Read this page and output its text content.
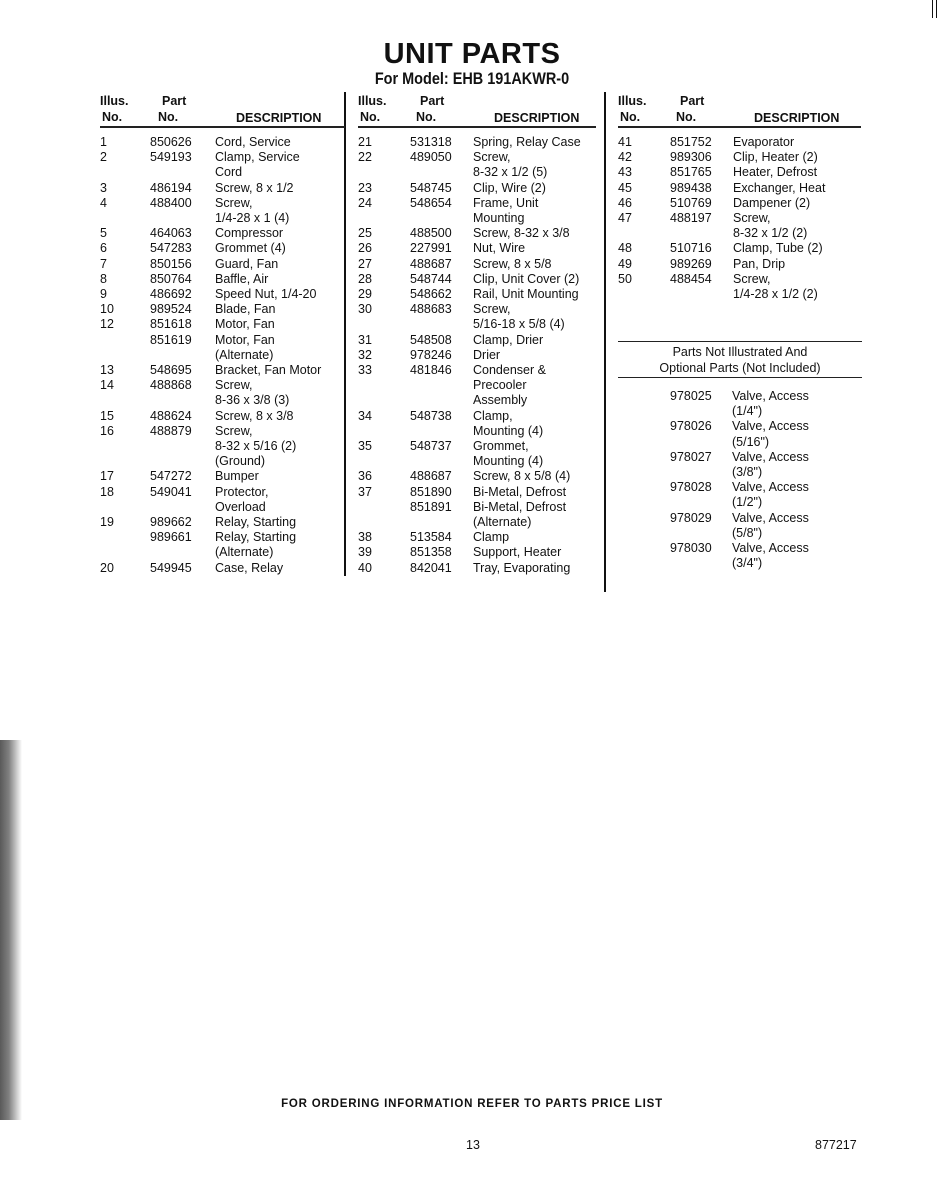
UNIT PARTS
For Model: EHB 191AKWR-0
Illus.
No.
Part
No.	DESCRIPTION
1	850626 Cord, Service
2	549193 Clamp, Service
Cord
3	486194 Screw, 8 x 1/2
4	488400 Screw,
1/4-28 x 1 (4)
5	464063 Compressor
6	547283 Grommet (4)
7	850156 Guard, Fan
8	850764 Baffle, Air
9	486692 Speed Nut, 1/4-20
10	989524 Blade, Fan
12	851618 Motor, Fan
851619 Motor, Fan
(Alternate)
13	548695 Bracket, Fan Motor
14	488868 Screw,
8-36 x 3/8 (3)
15	488624 Screw, 8 x 3/8
16	488879 Screw,
8-32 x 5/16 (2)
(Ground)
17	547272 Bumper
18	549041 Protector,
Overload
19	989662 Relay, Starting
989661 Relay, Starting
(Alternate)
20	549945 Case, Relay
Illus.
No.
Part
No.	DESCRIPTION
21	531318 Spring, Relay Case
22	489050 Screw,
8-32 x 1/2 (5)
23	548745 Clip, Wire (2)
24	548654 Frame, Unit
Mounting
25	488500 Screw, 8-32 x 3/8
26	227991 Nut, Wire
27	488687 Screw, 8 x 5/8
28	548744 Clip, Unit Cover (2)
29	548662 Rail, Unit Mounting
30	488683 Screw,
5/16-18 x 5/8 (4)
31	548508 Clamp, Drier
32	978246 Drier
33	481846 Condenser &
Precooler
Assembly
34	548738 Clamp,
Mounting (4)
35	548737 Grommet,
Mounting (4)
36	488687 Screw, 8 x 5/8 (4)
37	851890 Bi-Metal, Defrost
851891 Bi-Metal, Defrost
(Alternate)
38	513584 Clamp
39	851358 Support, Heater
40	842041 Tray, Evaporating
Illus.
No.
Part
No.	DESCRIPTION
41	851752 Evaporator
42	989306 Clip, Heater (2)
43	851765 Heater, Defrost
45	989438 Exchanger, Heat
46	510769 Dampener (2)
47	488197 Screw,
8-32 x 1/2 (2)
48	510716 Clamp, Tube (2)
49	989269 Pan, Drip
50	488454 Screw,
1/4-28 x 1/2 (2)
Parts Not Illustrated And
Optional Parts (Not Included)
978025 Valve, Access
(1/4")
978026 Valve, Access
(5/16")
978027 Valve, Access
(3/8")
978028 Valve, Access
(1/2")
978029 Valve, Access
(5/8")
978030 Valve, Access
(3/4")
FOR ORDERING INFORMATION REFER TO PARTS PRICE LIST
13	877217
